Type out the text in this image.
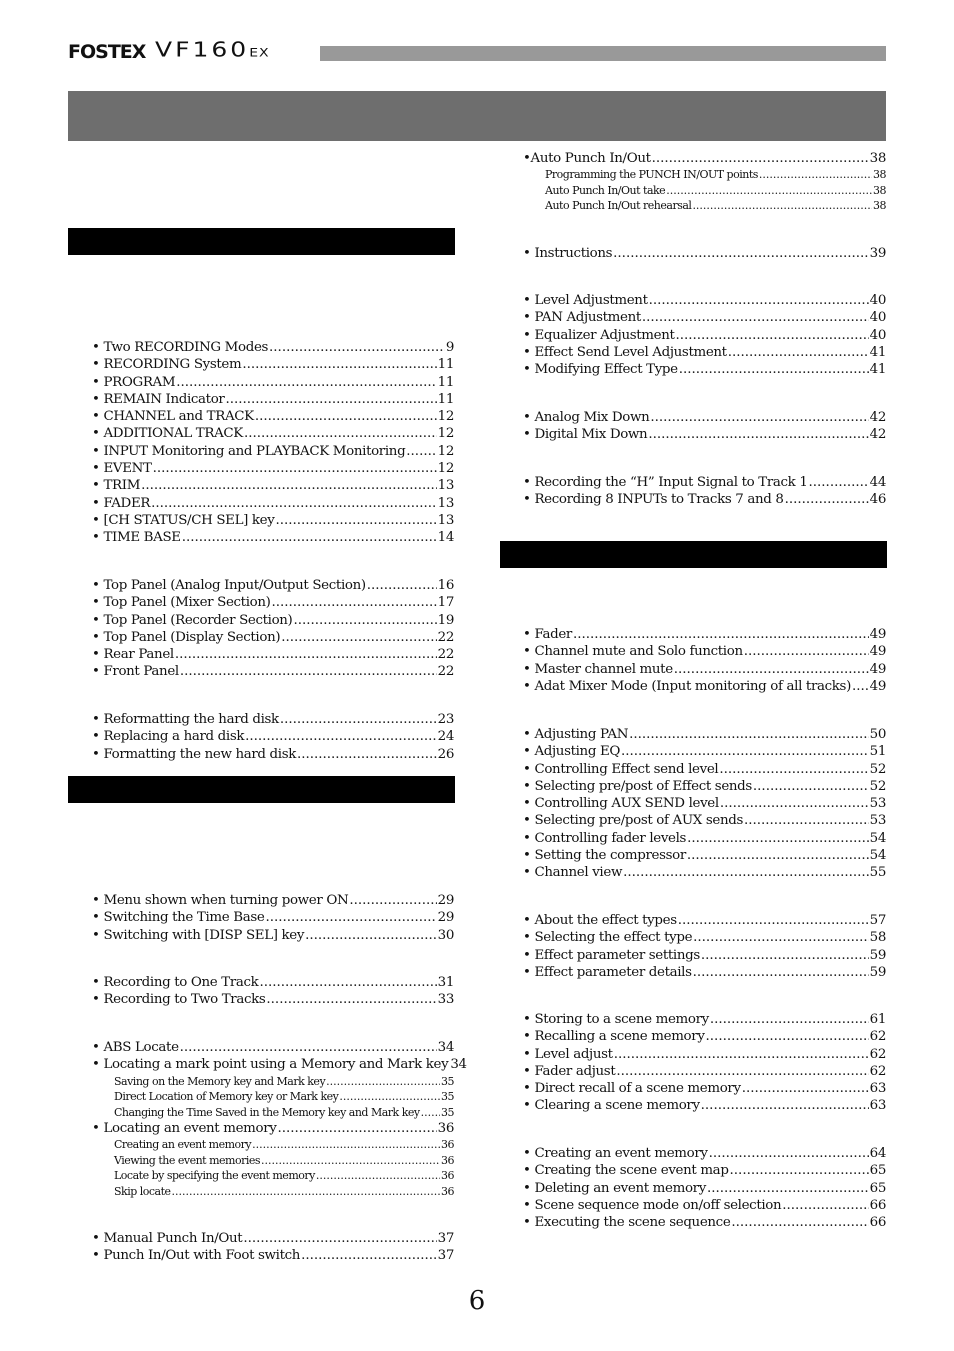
FOSTEX VF160EX
• Two RECORDING Modes .....	9
• RECORDING System .....	11
• PROGRAM .....	11
• REMAIN Indicator .....	11
• CHANNEL and TRACK .....	12
• ADDITIONAL TRACK .....	12
• INPUT Monitoring and PLAYBACK Monitoring ..... 12
• EVENT .....	12
• TRIM .....	13
• FADER .....	13
• [CH STATUS/CH SEL] key .....	13
• TIME BASE .....	14
• Top Panel (Analog Input/Output Section) .....	16
• Top Panel (Mixer Section) .....	17
• Top Panel (Recorder Section) .....	19
• Top Panel (Display Section) .....	22
• Rear Panel .....	22
• Front Panel .....	22
• Reformatting the hard disk .....	23
• Replacing a hard disk .....	24
• Formatting the new hard disk .....	26
• Menu shown when turning power ON .....	29
• Switching the Time Base .....	29
• Switching with [DISP SEL] key .....	30
• Recording to One Track .....	31
• Recording to Two Tracks .....	33
• ABS Locate .....	34
• Locating a mark point using a Memory and Mark key 34
Saving on the Memory key and Mark key .....	35
Direct Location of Memory key or Mark key .....	35
Changing the Time Saved in the Memory key and Mark key ..... 35
• Locating an event memory .....	36
Creating an event memory .....	36
Viewing the event memories .....	36
Locate by specifying the event memory .....	36
Skip locate .....	36
• Manual Punch In/Out .....	37
• Punch In/Out with Foot switch .....	37
•Auto Punch In/Out .....	38
Programming the PUNCH IN/OUT points .....	38
Auto Punch In/Out take .....	38
Auto Punch In/Out rehearsal .....	38
• Instructions .....	39
• Level Adjustment .....	40
• PAN Adjustment .....	40
• Equalizer Adjustment .....	40
• Effect Send Level Adjustment .....	41
• Modifying Effect Type .....	41
• Analog Mix Down .....	42
• Digital Mix Down .....	42
• Recording the “H” Input Signal to Track 1 .....	44
• Recording 8 INPUTs to Tracks 7 and 8 .....	46
• Fader .....	49
• Channel mute and Solo function .....	49
• Master channel mute .....	49
• Adat Mixer Mode (Input monitoring of all tracks) ..... 49
• Adjusting PAN .....	50
• Adjusting EQ .....	51
• Controlling Effect send level .....	52
• Selecting pre/post of Effect sends .....	52
• Controlling AUX SEND level .....	53
• Selecting pre/post of AUX sends .....	53
• Controlling fader levels .....	54
• Setting the compressor .....	54
• Channel view .....	55
• About the effect types .....	57
• Selecting the effect type .....	58
• Effect parameter settings .....	59
• Effect parameter details .....	59
• Storing to a scene memory .....	61
• Recalling a scene memory .....	62
• Level adjust .....	62
• Fader adjust .....	62
• Direct recall of a scene memory .....	63
• Clearing a scene memory .....	63
• Creating an event memory .....	64
• Creating the scene event map .....	65
• Deleting an event memory .....	65
• Scene sequence mode on/off selection .....	66
• Executing the scene sequence .....	66
6
